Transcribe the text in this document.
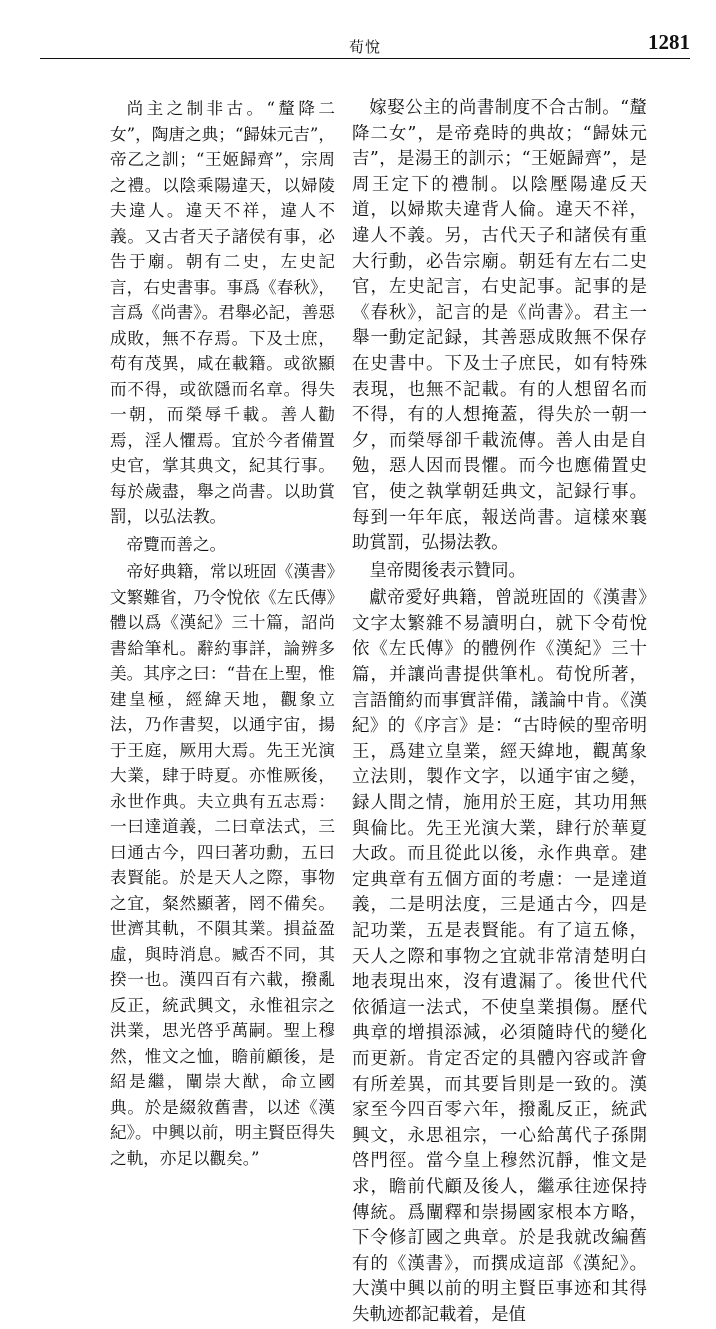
荀悅	1281

尚主之制非古。“釐降二女”，陶唐之典；“歸妹元吉”，帝乙之訓；“王姬歸齊”，宗周之禮。以陰乘陽違天，以婦陵夫違人。違天不祥，違人不義。又古者天子諸侯有事，必告于廟。朝有二史，左史記言，右史書事。事爲《春秋》，言爲《尚書》。君舉必記，善惡成敗，無不存焉。下及士庶，苟有茂異，咸在載籍。或欲顯而不得，或欲隱而名章。得失一朝，而榮辱千載。善人勸焉，淫人懼焉。宜於今者備置史官，掌其典文，紀其行事。每於歲盡，舉之尚書。以助賞罰，以弘法教。

帝覽而善之。

帝好典籍，常以班固《漢書》文繁難省，乃令悅依《左氏傳》體以爲《漢紀》三十篇，詔尚書給筆札。辭約事詳，論辨多美。其序之曰：“昔在上聖，惟建皇極，經緯天地，觀象立法，乃作書契，以通宇宙，揚于王庭，厥用大焉。先王光演大業，肆于時夏。亦惟厥後，永世作典。夫立典有五志焉：一曰達道義，二曰章法式，三曰通古今，四曰著功勳，五曰表賢能。於是天人之際，事物之宜，粲然顯著，罔不備矣。世濟其軌，不隕其業。損益盈虛，與時消息。臧否不同，其揆一也。漢四百有六載，撥亂反正，統武興文，永惟祖宗之洪業，思光啓乎萬嗣。聖上穆然，惟文之恤，瞻前顧後，是紹是繼，闡崇大猷，命立國典。於是綴敘舊書，以述《漢紀》。中興以前，明主賢臣得失之軌，亦足以觀矣。”

嫁娶公主的尚書制度不合古制。“釐降二女”，是帝堯時的典故；“歸妹元吉”，是湯王的訓示；“王姬歸齊”，是周王定下的禮制。以陰壓陽違反天道，以婦欺夫違背人倫。違天不祥，違人不義。另，古代天子和諸侯有重大行動，必告宗廟。朝廷有左右二史官，左史記言，右史記事。記事的是《春秋》，記言的是《尚書》。君主一舉一動定記録，其善惡成敗無不保存在史書中。下及士子庶民，如有特殊表現，也無不記載。有的人想留名而不得，有的人想掩蓋，得失於一朝一夕，而榮辱卻千載流傳。善人由是自勉，惡人因而畏懼。而今也應備置史官，使之執掌朝廷典文，記録行事。每到一年年底，報送尚書。這樣來襄助賞罰，弘揚法教。

皇帝閱後表示贊同。

獻帝愛好典籍，曾説班固的《漢書》文字太繁雜不易讀明白，就下令荀悅依《左氏傳》的體例作《漢紀》三十篇，并讓尚書提供筆札。荀悅所著，言語簡約而事實詳備，議論中肯。《漢紀》的《序言》是：“古時候的聖帝明王，爲建立皇業，經天緯地，觀萬象立法則，製作文字，以通宇宙之變，録人間之情，施用於王庭，其功用無與倫比。先王光演大業，肆行於華夏大政。而且從此以後，永作典章。建定典章有五個方面的考慮：一是達道義，二是明法度，三是通古今，四是記功業，五是表賢能。有了這五條，天人之際和事物之宜就非常清楚明白地表現出來，沒有遺漏了。後世代代依循這一法式，不使皇業損傷。歷代典章的增損添減，必須隨時代的變化而更新。肯定否定的具體內容或許會有所差異，而其要旨則是一致的。漢家至今四百零六年，撥亂反正，統武興文，永思祖宗，一心給萬代子孫開啓門徑。當今皇上穆然沉靜，惟文是求，瞻前代顧及後人，繼承往迹保持傳統。爲闡釋和崇揚國家根本方略，下令修訂國之典章。於是我就改編舊有的《漢書》，而撰成這部《漢紀》。大漢中興以前的明主賢臣事迹和其得失軌迹都記載着，是值
